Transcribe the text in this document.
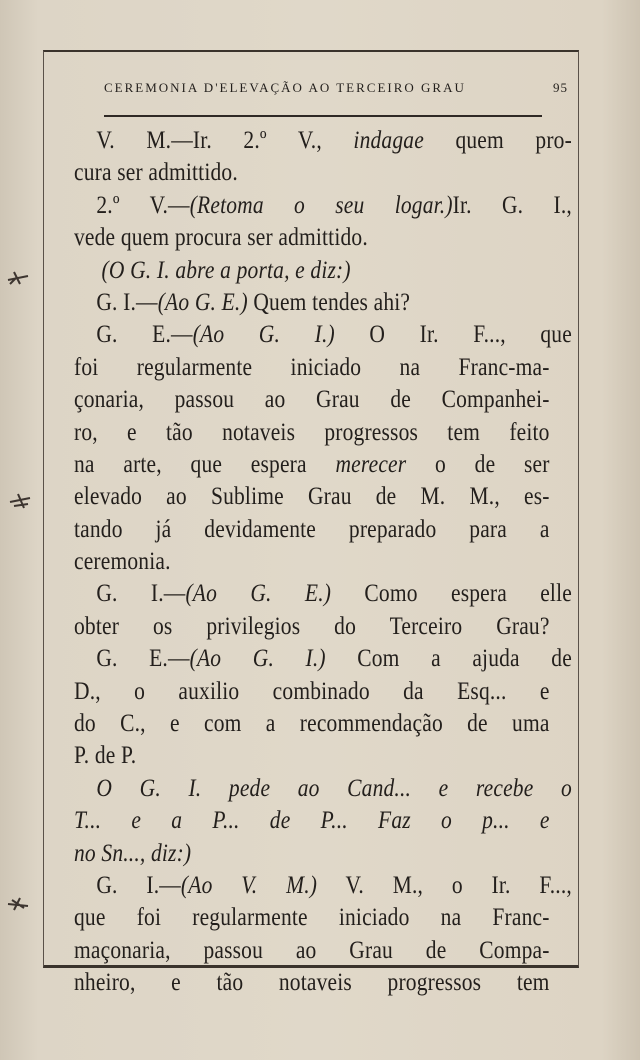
CEREMONIA D'ELEVAÇÃO AO TERCEIRO GRAU	95
V. M.—Ir. 2.º V., indagae quem pro-
cura ser admittido.
2.º V.—(Retoma o seu logar.)Ir. G. I.,
vede quem procura ser admittido.
(O G. I. abre a porta, e diz:)
G. I.—(Ao G. E.) Quem tendes ahi?
G. E.—(Ao G. I.) O Ir. F..., que
foi regularmente iniciado na Franc-ma-
çonaria, passou ao Grau de Companhei-
ro, e tão notaveis progressos tem feito
na arte, que espera merecer o de ser
elevado ao Sublime Grau de M. M., es-
tando já devidamente preparado para a
ceremonia.
G. I.—(Ao G. E.) Como espera elle
obter os privilegios do Terceiro Grau?
G. E.—(Ao G. I.) Com a ajuda de
D., o auxilio combinado da Esq... e
do C., e com a recommendação de uma
P. de P.
O G. I. pede ao Cand... e recebe o
T... e a P... de P... Faz o p... e
no Sn..., diz:)
G. I.—(Ao V. M.) V. M., o Ir. F...,
que foi regularmente iniciado na Franc-
maçonaria, passou ao Grau de Compa-
nheiro, e tão notaveis progressos tem
